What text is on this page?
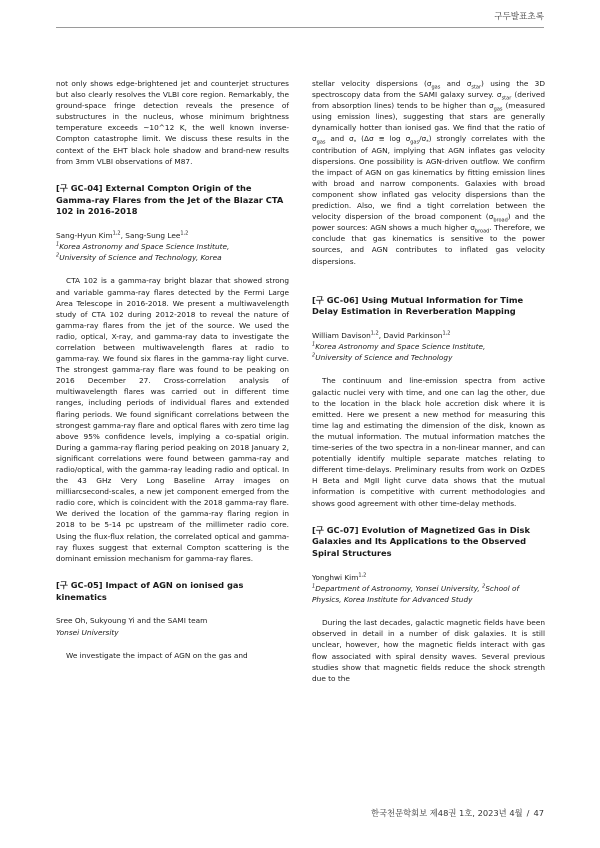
구두발표초록

not only shows edge-brightened jet and counterjet structures but also clearly resolves the VLBI core region. Remarkably, the ground-space fringe detection reveals the presence of substructures in the nucleus, whose minimum brightness temperature exceeds ~10^12 K, the well known inverse-Compton catastrophe limit. We discuss these results in the context of the EHT black hole shadow and brand-new results from 3mm VLBI observations of M87.

[구 GC-04] External Compton Origin of the Gamma-ray Flares from the Jet of the Blazar CTA 102 in 2016-2018

Sang-Hyun Kim$^{1,2}$, Sang-Sung Lee$^{1,2}$

$^1$Korea Astronomy and Space Science Institute,

$^2$University of Science and Technology, Korea

CTA 102 is a gamma-ray bright blazar that showed strong and variable gamma-ray flares detected by the Fermi Large Area Telescope in 2016-2018. We present a multiwavelength study of CTA 102 during 2012-2018 to reveal the nature of gamma-ray flares from the jet of the source. We used the radio, optical, X-ray, and gamma-ray data to investigate the correlation between multiwavelength flares at radio to gamma-ray. We found six flares in the gamma-ray light curve. The strongest gamma-ray flare was found to be peaking on 2016 December 27. Cross-correlation analysis of multiwavelength flares was carried out in different time ranges, including periods of individual flares and extended flaring periods. We found significant correlations between the strongest gamma-ray flare and optical flares with zero time lag above 95% confidence levels, implying a co-spatial origin. During a gamma-ray flaring period peaking on 2018 January 2, significant correlations were found between gamma-ray and radio/optical, with the gamma-ray leading radio and optical. In the 43 GHz Very Long Baseline Array images on milliarcsecond-scales, a new jet component emerged from the radio core, which is coincident with the 2018 gamma-ray flare. We derived the location of the gamma-ray flaring region in 2018 to be 5-14 pc upstream of the millimeter radio core. Using the flux-flux relation, the correlated optical and gamma-ray fluxes suggest that external Compton scattering is the dominant emission mechanism for gamma-ray flares.

[구 GC-05] Impact of AGN on ionised gas kinematics

Sree Oh, Sukyoung Yi and the SAMI team

Yonsei University

We investigate the impact of AGN on the gas and

stellar velocity dispersions ($\sigma_{gas}$ and $\sigma_{star}$) using the 3D spectroscopy data from the SAMI galaxy survey. $\sigma_{star}$ (derived from absorption lines) tends to be higher than $\sigma_{gas}$ (measured using emission lines), suggesting that stars are generally dynamically hotter than ionised gas. We find that the ratio of $\sigma_{gas}$ and $\sigma_*$ $(\Delta\sigma \equiv \log \sigma_{gas}/\sigma_*)$ strongly correlates with the contribution of AGN, implying that AGN inflates gas velocity dispersions. One possibility is AGN-driven outflow. We confirm the impact of AGN on gas kinematics by fitting emission lines with broad and narrow components. Galaxies with broad component show inflated gas velocity dispersions than the prediction. Also, we find a tight correlation between the velocity dispersion of the broad component $(\sigma_{broad})$ and the power sources: AGN shows a much higher $\sigma_{broad}$. Therefore, we conclude that gas kinematics is sensitive to the power sources, and AGN contributes to inflated gas velocity dispersions.

[구 GC-06] Using Mutual Information for Time Delay Estimation in Reverberation Mapping

William Davison$^{1,2}$, David Parkinson$^{1,2}$

$^1$Korea Astronomy and Space Science Institute,

$^2$University of Science and Technology

The continuum and line-emission spectra from active galactic nuclei very with time, and one can lag the other, due to the location in the black hole accretion disk where it is emitted. Here we present a new method for measuring this time lag and estimating the dimension of the disk, known as the mutual information. The mutual information matches the time-series of the two spectra in a non-linear manner, and can potentially identify multiple separate matches relating to different time-delays. Preliminary results from work on OzDES H Beta and MgII light curve data shows that the mutual information is competitive with current methodologies and shows good agreement with other time-delay methods.

[구 GC-07] Evolution of Magnetized Gas in Disk Galaxies and Its Applications to the Observed Spiral Structures

Yonghwi Kim$^{1,2}$

$^1$Department of Astronomy, Yonsei University, $^2$School of Physics, Korea Institute for Advanced Study

During the last decades, galactic magnetic fields have been observed in detail in a number of disk galaxies. It is still unclear, however, how the magnetic fields interact with gas flow associated with spiral density waves. Several previous studies show that magnetic fields reduce the shock strength due to the

한국천문학회보 제48권 1호, 2023년 4월 / 47
